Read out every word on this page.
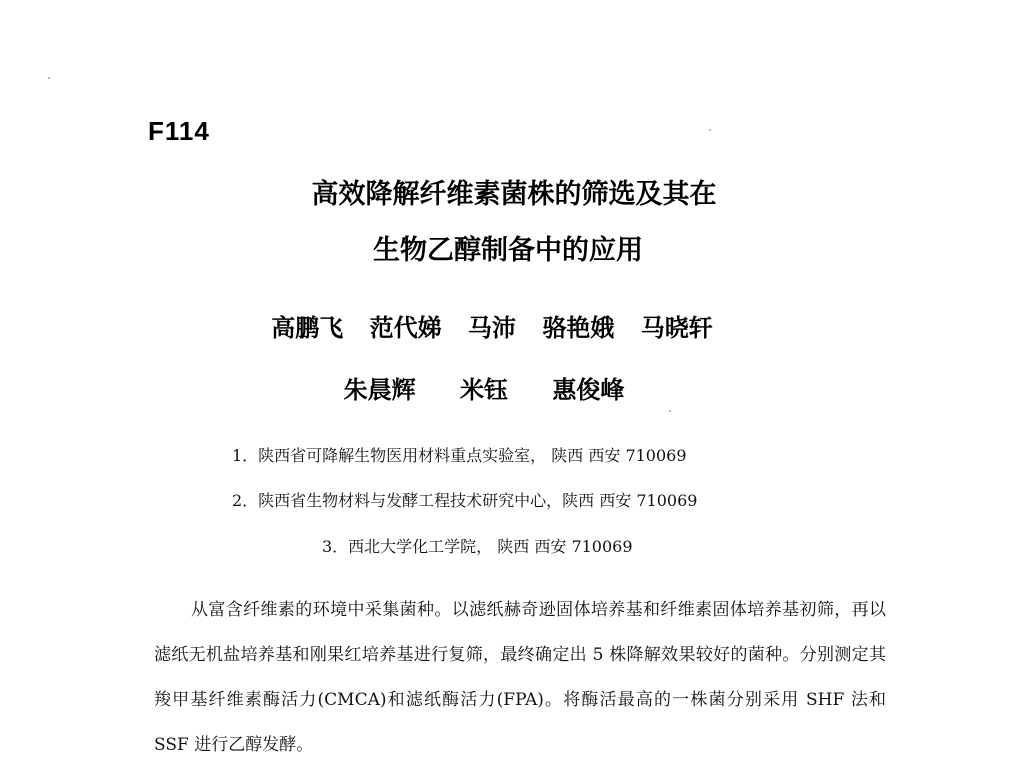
F114
高效降解纤维素菌株的筛选及其在
生物乙醇制备中的应用
高鹏飞 范代娣 马沛 骆艳娥 马晓轩
朱晨辉 米钰 惠俊峰
1．陕西省可降解生物医用材料重点实验室， 陕西 西安 710069
2．陕西省生物材料与发酵工程技术研究中心，陕西 西安 710069
3．西北大学化工学院， 陕西 西安 710069
从富含纤维素的环境中采集菌种。以滤纸赫奇逊固体培养基和纤维素固体培养基初筛，再以滤纸无机盐培养基和刚果红培养基进行复筛，最终确定出 5 株降解效果较好的菌种。分别测定其羧甲基纤维素酶活力(CMCA)和滤纸酶活力(FPA)。将酶活最高的一株菌分别采用 SHF 法和 SSF 进行乙醇发酵。
